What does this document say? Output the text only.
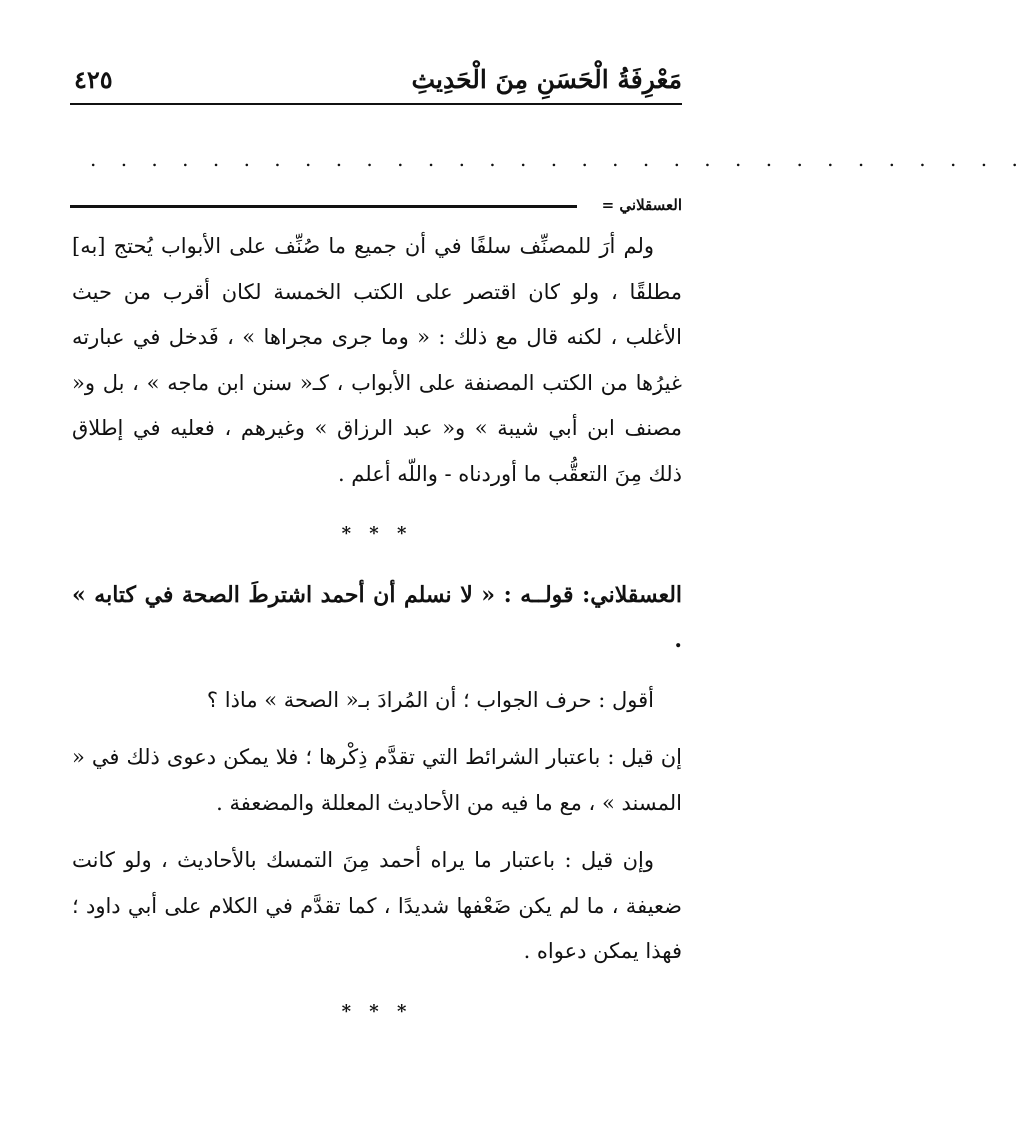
مَعْرِفَةُ الْحَسَنِ مِنَ الْحَدِيثِ
٤٢٥
. . . . . . . . . . . . . . . . . . . . . . . . . . . . . . .
العسقلاني =

ولم أرَ للمصنِّف سلفًا في أن جميع ما صُنِّف على الأبواب يُحتج [به] مطلقًا ، ولو كان اقتصر على الكتب الخمسة لكان أقرب من حيث الأغلب ، لكنه قال مع ذلك : « وما جرى مجراها » ، فَدخل في عبارته غيرُها من الكتب المصنفة على الأبواب ، كـ« سنن ابن ماجه » ، بل و« مصنف ابن أبي شيبة » و« عبد الرزاق » وغيرهم ، فعليه في إطلاق ذلك مِنَ التعقُّب ما أوردناه - واللّه أعلم .

* * *

العسقلاني: قولــه : « لا نسلم أن أحمد اشترطَ الصحة في كتابه » .

أقول : حرف الجواب ؛ أن المُرادَ بـ« الصحة » ماذا ؟

إن قيل : باعتبار الشرائط التي تقدَّم ذِكْرها ؛ فلا يمكن دعوى ذلك في « المسند » ، مع ما فيه من الأحاديث المعللة والمضعفة .

وإن قيل : باعتبار ما يراه أحمد مِنَ التمسك بالأحاديث ، ولو كانت ضعيفة ، ما لم يكن ضَعْفها شديدًا ، كما تقدَّم في الكلام على أبي داود ؛ فهذا يمكن دعواه .

* * *
